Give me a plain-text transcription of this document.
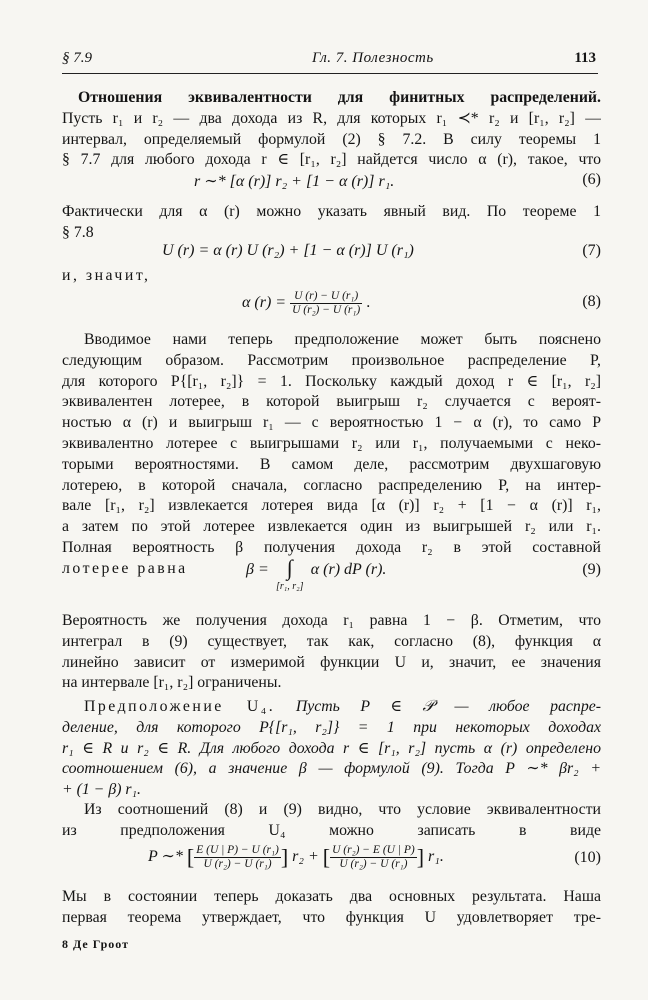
§ 7.9	Гл. 7. Полезность	113
Отношения эквивалентности для финитных распределений.
Пусть r₁ и r₂ — два дохода из R, для которых r₁ ≺* r₂ и [r₁, r₂] —
интервал, определяемый формулой (2) § 7.2. В силу теоремы 1
§ 7.7 для любого дохода r ∈ [r₁, r₂] найдется число α (r), такое, что
r ∼* [α (r)] r₂ + [1 − α (r)] r₁.	(6)
Фактически для α (r) можно указать явный вид. По теореме 1
§ 7.8
U (r) = α (r) U (r₂) + [1 − α (r)] U (r₁)	(7)
и, значит,
α $(r) = \frac{\text{U (r) − U (r₁)}}{\text{U (r₂) − U (r₁)}}$ .	(8)
Вводимое нами теперь предположение может быть пояснено
следующим образом. Рассмотрим произвольное распределение P,
для которого P{[r₁, r₂]} = 1. Поскольку каждый доход r ∈ [r₁, r₂]
эквивалентен лотерее, в которой выигрыш r₂ случается с вероят-
ностью α (r) и выигрыш r₁ — с вероятностью 1 − α (r), то само P
эквивалентно лотерее с выигрышами r₂ или r₁, получаемыми с неко-
торыми вероятностями. В самом деле, рассмотрим двухшаговую
лотерею, в которой сначала, согласно распределению P, на интер-
вале [r₁, r₂] извлекается лотерея вида [α (r)] r₂ + [1 − α (r)] r₁,
а затем по этой лотерее извлекается один из выигрышей r₂ или r₁.
Полная вероятность β получения дохода r₂ в этой составной
лотерее равна	β = ∫
[r₁, r₂]
α (r) dP (r).	(9)
Вероятность же получения дохода r₁ равна 1 − β. Отметим, что
интеграл в (9) существует, так как, согласно (8), функция α
линейно зависит от измеримой функции U и, значит, ее значения
на интервале [r₁, r₂] ограничены.
Предположение U₄. Пусть P ∈ 𝒫 — любое распре-
деление, для которого P{[r₁, r₂]} = 1 при некоторых доходах
r₁ ∈ R и r₂ ∈ R. Для любого дохода r ∈ [r₁, r₂] пусть α (r) определено
соотношением (6), а значение β — формулой (9). Тогда P ∼* βr₂ +
+ (1 − β) r₁.
Из соотношений (8) и (9) видно, что условие эквивалентности
из предположения U₄ можно записать в виде
P ∼* [ $\frac{\text{E (U | P) − U (r₁)}}{\text{U (r₂) − U (r₁)}}$ ] r₂ + [ $\frac{\text{U (r₂) − E (U | P)}}{\text{U (r₂) − U (r₁)}}$ ] r₁.	(10)
Мы в состоянии теперь доказать два основных результата. Наша
первая теорема утверждает, что функция U удовлетворяет тре-
8 Де Гроот
